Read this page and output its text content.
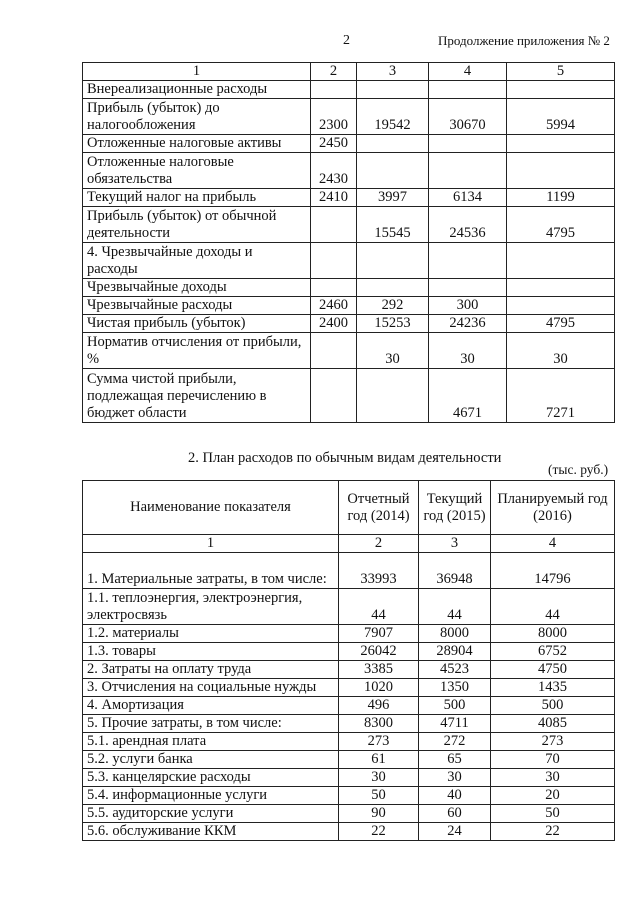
2	Продолжение приложения № 2
1	2	3	4	5
Внереализационные расходы				
Прибыль (убыток) до налогообложения	2300	19542	30670	5994
Отложенные налоговые активы	2450			
Отложенные налоговые обязательства	2430			
Текущий налог на прибыль	2410	3997	6134	1199
Прибыль (убыток) от обычной деятельности		15545	24536	4795
4. Чрезвычайные доходы и расходы				
Чрезвычайные доходы				
Чрезвычайные расходы	2460	292	300	
Чистая прибыль (убыток)	2400	15253	24236	4795
Норматив отчисления от прибыли, %		30	30	30
Сумма чистой прибыли, подлежащая перечислению в бюджет области			4671	7271
2. План расходов по обычным видам деятельности
(тыс. руб.)
Наименование показателя	Отчетный год (2014)	Текущий год (2015)	Планируемый год (2016)
1	2	3	4
1. Материальные затраты, в том числе:	33993	36948	14796
1.1. теплоэнергия, электроэнергия, электросвязь	44	44	44
1.2. материалы	7907	8000	8000
1.3. товары	26042	28904	6752
2. Затраты на оплату труда	3385	4523	4750
3. Отчисления на социальные нужды	1020	1350	1435
4. Амортизация	496	500	500
5. Прочие затраты, в том числе:	8300	4711	4085
5.1. арендная плата	273	272	273
5.2. услуги банка	61	65	70
5.3. канцелярские расходы	30	30	30
5.4. информационные услуги	50	40	20
5.5. аудиторские услуги	90	60	50
5.6. обслуживание ККМ	22	24	22
